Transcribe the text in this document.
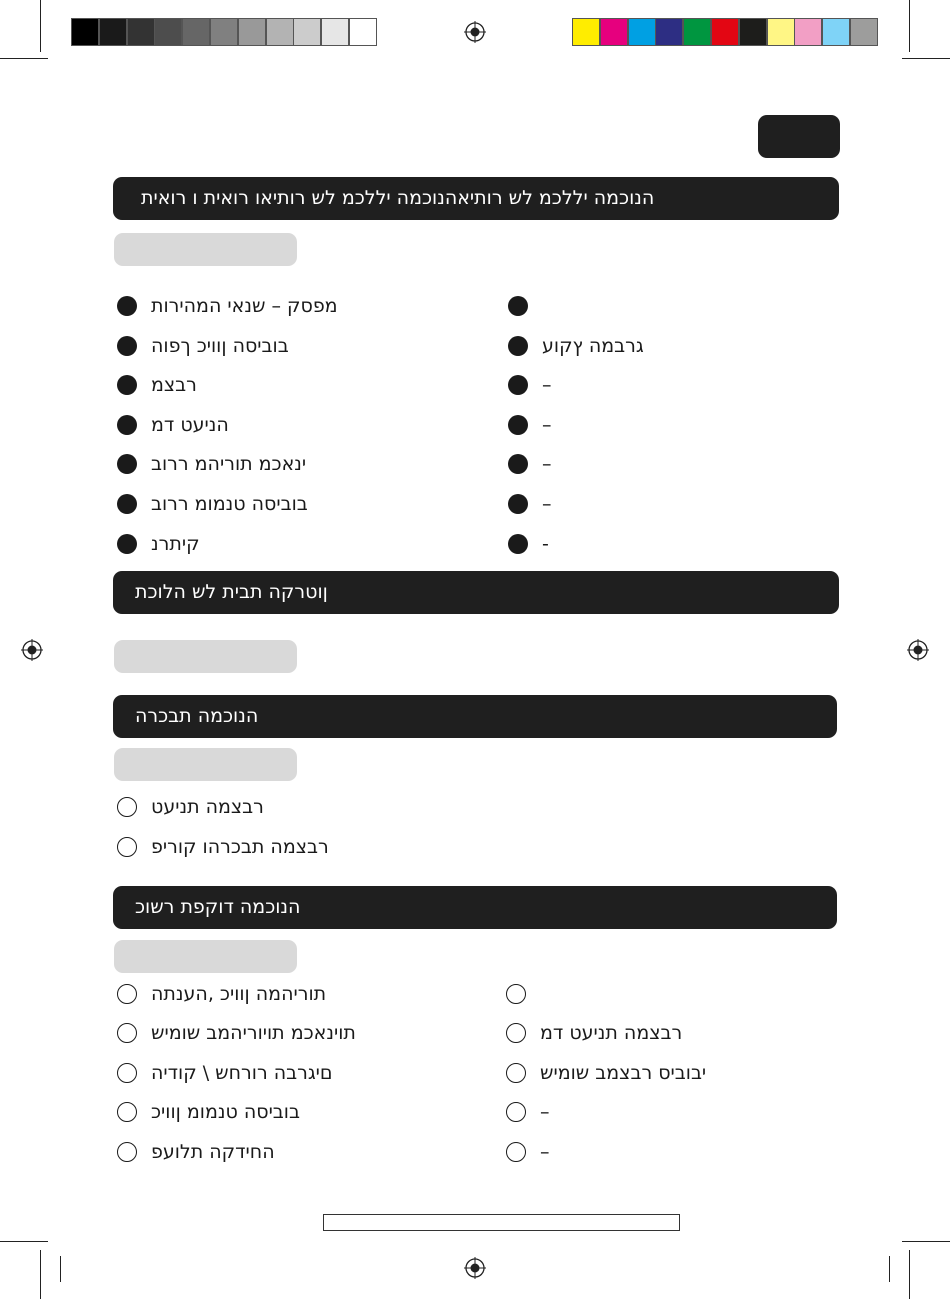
הנוכמה יללכמ לש רותיאהנוכמה יללכמ לש רותיאו רואית ו רואית
מפסק – שנאי המהירות
בוביסה ןוויכ ךפוה
רבצמ
הניעט דמ
ינאכמ תוריהמ ררוב
בוביסה טנמומ ררוב
קיתרנ
גרבמה ץקוע
–
–
–
–
-
ןוטרקה תבית לש הלוכת
הנוכמה תבכרה
רבצמה תניעט
רבצמה תבכרהו קוריפ
הנוכמה דוקפת רשוכ
תוריהמה ןוויכ ,הענתה
תוינאכמ תויוריהמב שומיש
םיגרבה רורחש \ קודיה
בוביסה טנמומ ןוויכ
החידקה תלועפ
רבצמה תניעט דמ
יבוביס רבצמב שומיש
–
–
